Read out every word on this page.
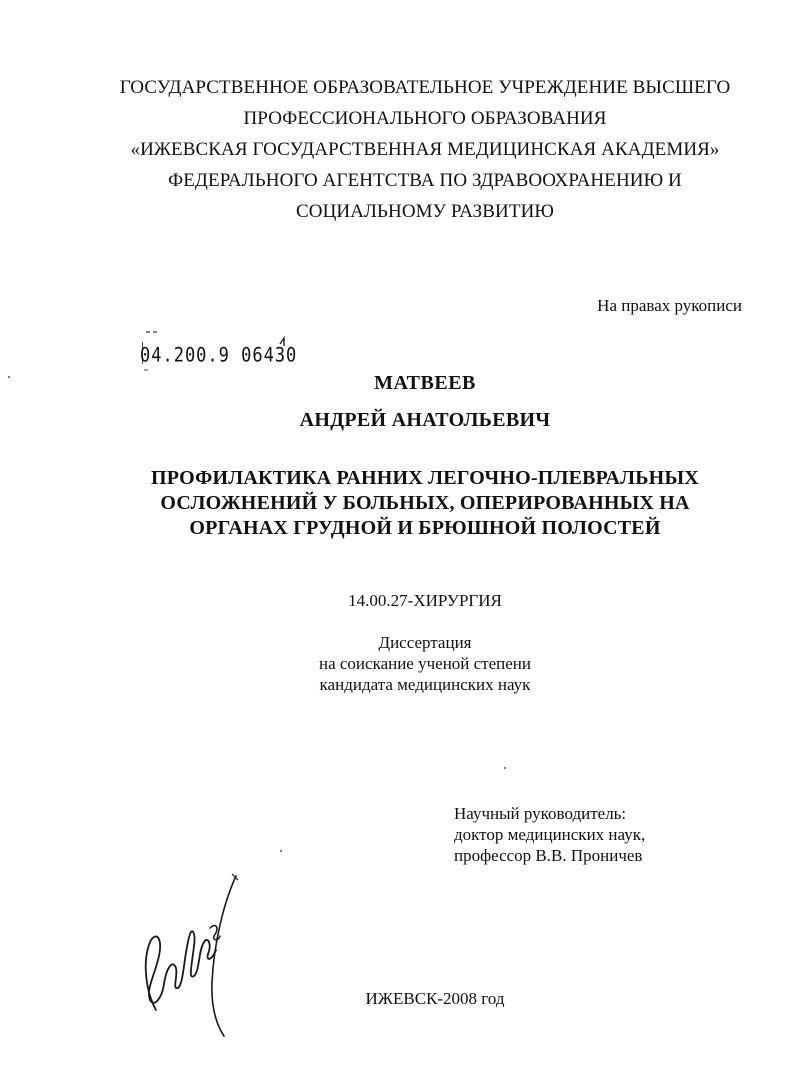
ГОСУДАРСТВЕННОЕ ОБРАЗОВАТЕЛЬНОЕ УЧРЕЖДЕНИЕ ВЫСШЕГО
ПРОФЕССИОНАЛЬНОГО ОБРАЗОВАНИЯ
«ИЖЕВСКАЯ ГОСУДАРСТВЕННАЯ МЕДИЦИНСКАЯ АКАДЕМИЯ»
ФЕДЕРАЛЬНОГО АГЕНТСТВА ПО ЗДРАВООХРАНЕНИЮ И
СОЦИАЛЬНОМУ РАЗВИТИЮ
На правах рукописи
04.200.9 06430
МАТВЕЕВ
АНДРЕЙ АНАТОЛЬЕВИЧ
ПРОФИЛАКТИКА РАННИХ ЛЕГОЧНО-ПЛЕВРАЛЬНЫХ
ОСЛОЖНЕНИЙ У БОЛЬНЫХ, ОПЕРИРОВАННЫХ НА
ОРГАНАХ ГРУДНОЙ И БРЮШНОЙ ПОЛОСТЕЙ
14.00.27-ХИРУРГИЯ
Диссертация
на соискание ученой степени
кандидата медицинских наук
Научный руководитель:
доктор медицинских наук,
профессор В.В. Проничев
ИЖЕВСК-2008 год
